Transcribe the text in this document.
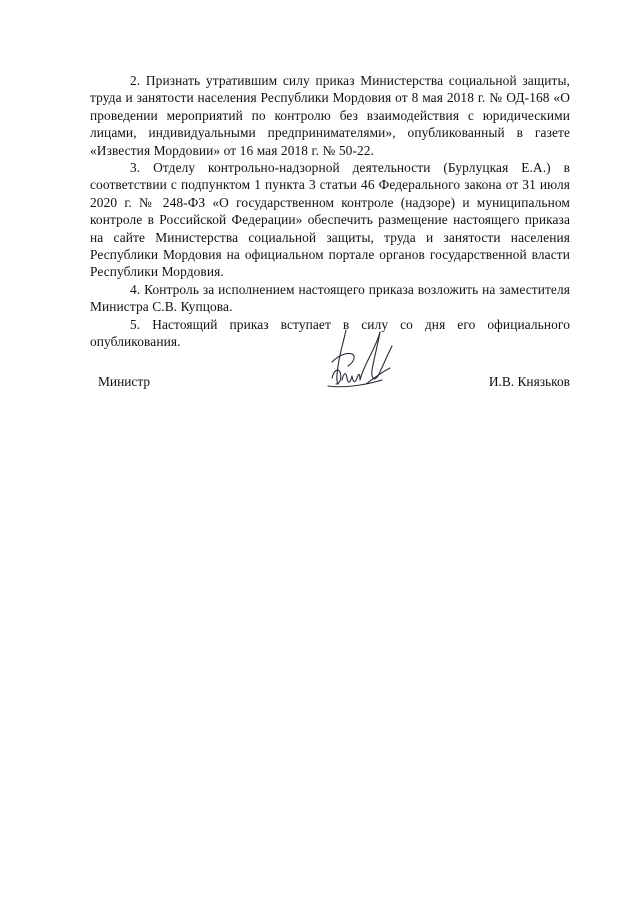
2. Признать утратившим силу приказ Министерства социальной защиты, труда и занятости населения Республики Мордовия от 8 мая 2018 г. № ОД-168 «О проведении мероприятий по контролю без взаимодействия с юридическими лицами, индивидуальными предпринимателями», опубликованный в газете «Известия Мордовии» от 16 мая 2018 г. № 50-22.

3. Отделу контрольно-надзорной деятельности (Бурлуцкая Е.А.) в соответствии с подпунктом 1 пункта 3 статьи 46 Федерального закона от 31 июля 2020 г. № 248-ФЗ «О государственном контроле (надзоре) и муниципальном контроле в Российской Федерации» обеспечить размещение настоящего приказа на сайте Министерства социальной защиты, труда и занятости населения Республики Мордовия на официальном портале органов государственной власти Республики Мордовия.

4. Контроль за исполнением настоящего приказа возложить на заместителя Министра С.В. Купцова.

5. Настоящий приказ вступает в силу со дня его официального опубликования.

Министр	И.В. Князьков
